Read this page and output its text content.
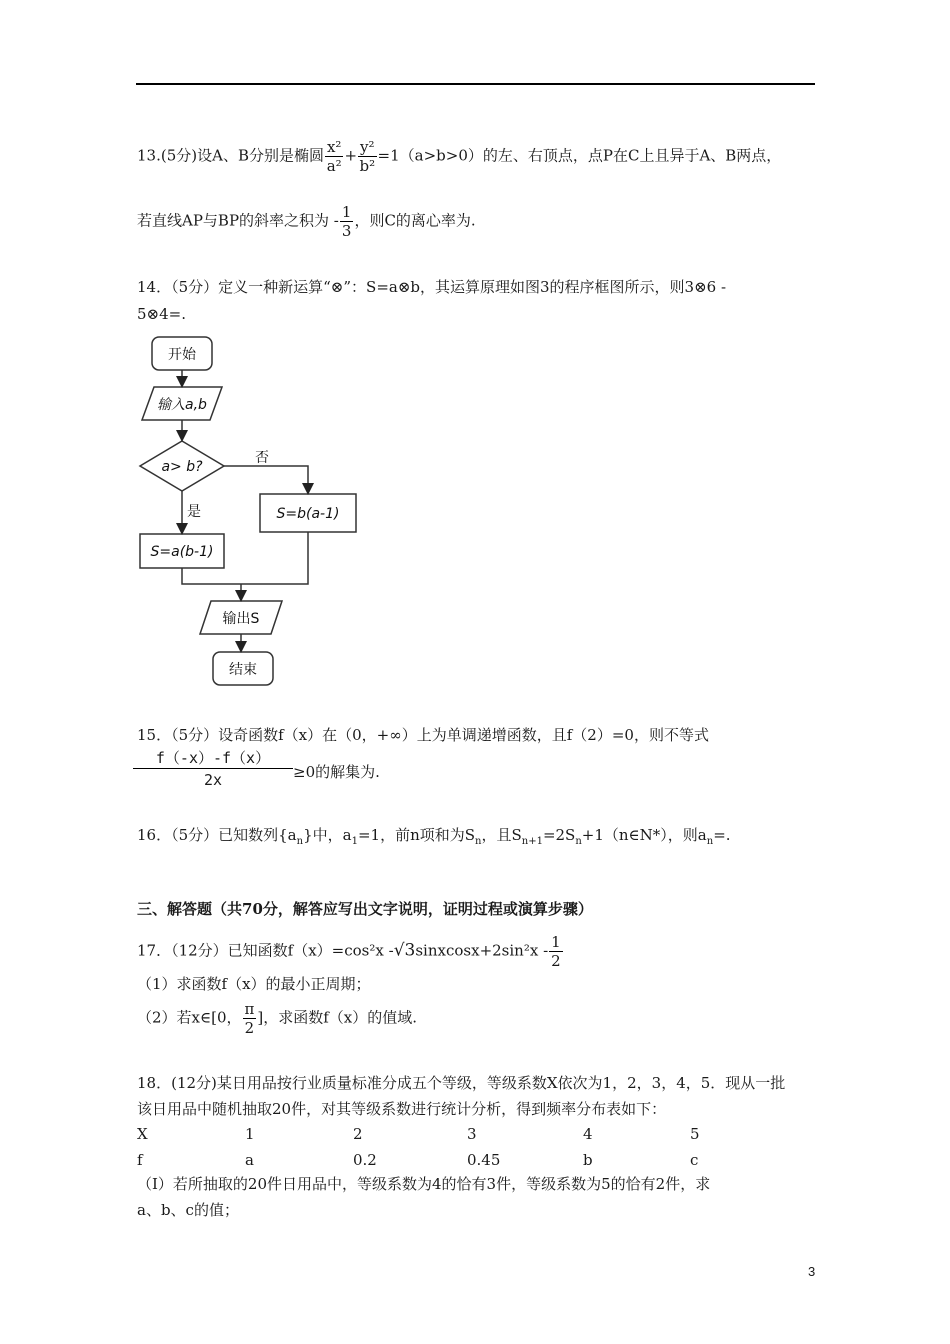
13.(5分)设A、B分别是椭圆 $\frac{\text{x²}}{\text{a²}} + \frac{\text{y²}}{\text{b²}} =1(a>b>0)$的左、右顶点，点P在C上且异于A、B两点，
若直线AP与BP的斜率之积为 - $\frac{1}{3}$ ，则C的离心率为.
14．（5分）定义一种新运算“⊗”：S=a⊗b，其运算原理如图3的程序框图所示，则3⊗6 -
5⊗4=.
开始
输入a,b
a> b?
否
是	S=b(a-1)
S=a(b-1)
输出S
结束
15．（5分）设奇函数f（x）在（0，+∞）上为单调递增函数，且f（2）=0，则不等式
$\frac{f(-x)-f(x)}{2x} \ge 0$的解集为.
16．（5分）已知数列$\{a_n\}$中，$a_1=1$，前n项和为$S_n$，且$S_{n+1}=2S_n+1(n\in N*)$，则$a_n=$.
三、解答题（共70分，解答应写出文字说明，证明过程或演算步骤）
17．（12分）已知函数f（x）=cos²x -√3sinxcosx+2sin²x - $\frac{1}{2}$
（1）求函数f（x）的最小正周期；
（2）若x∈[0， $\frac{\pi}{2}$ ]，求函数f（x）的值域.
18．(12分)某日用品按行业质量标准分成五个等级，等级系数X依次为1，2，3，4，5．现从一批
该日用品中随机抽取20件，对其等级系数进行统计分析，得到频率分布表如下：
X	1	2	3	4	5
f	a	0.2	0.45	b	c
（Ⅰ）若所抽取的20件日用品中，等级系数为4的恰有3件，等级系数为5的恰有2件，求
a、b、c的值；
3
